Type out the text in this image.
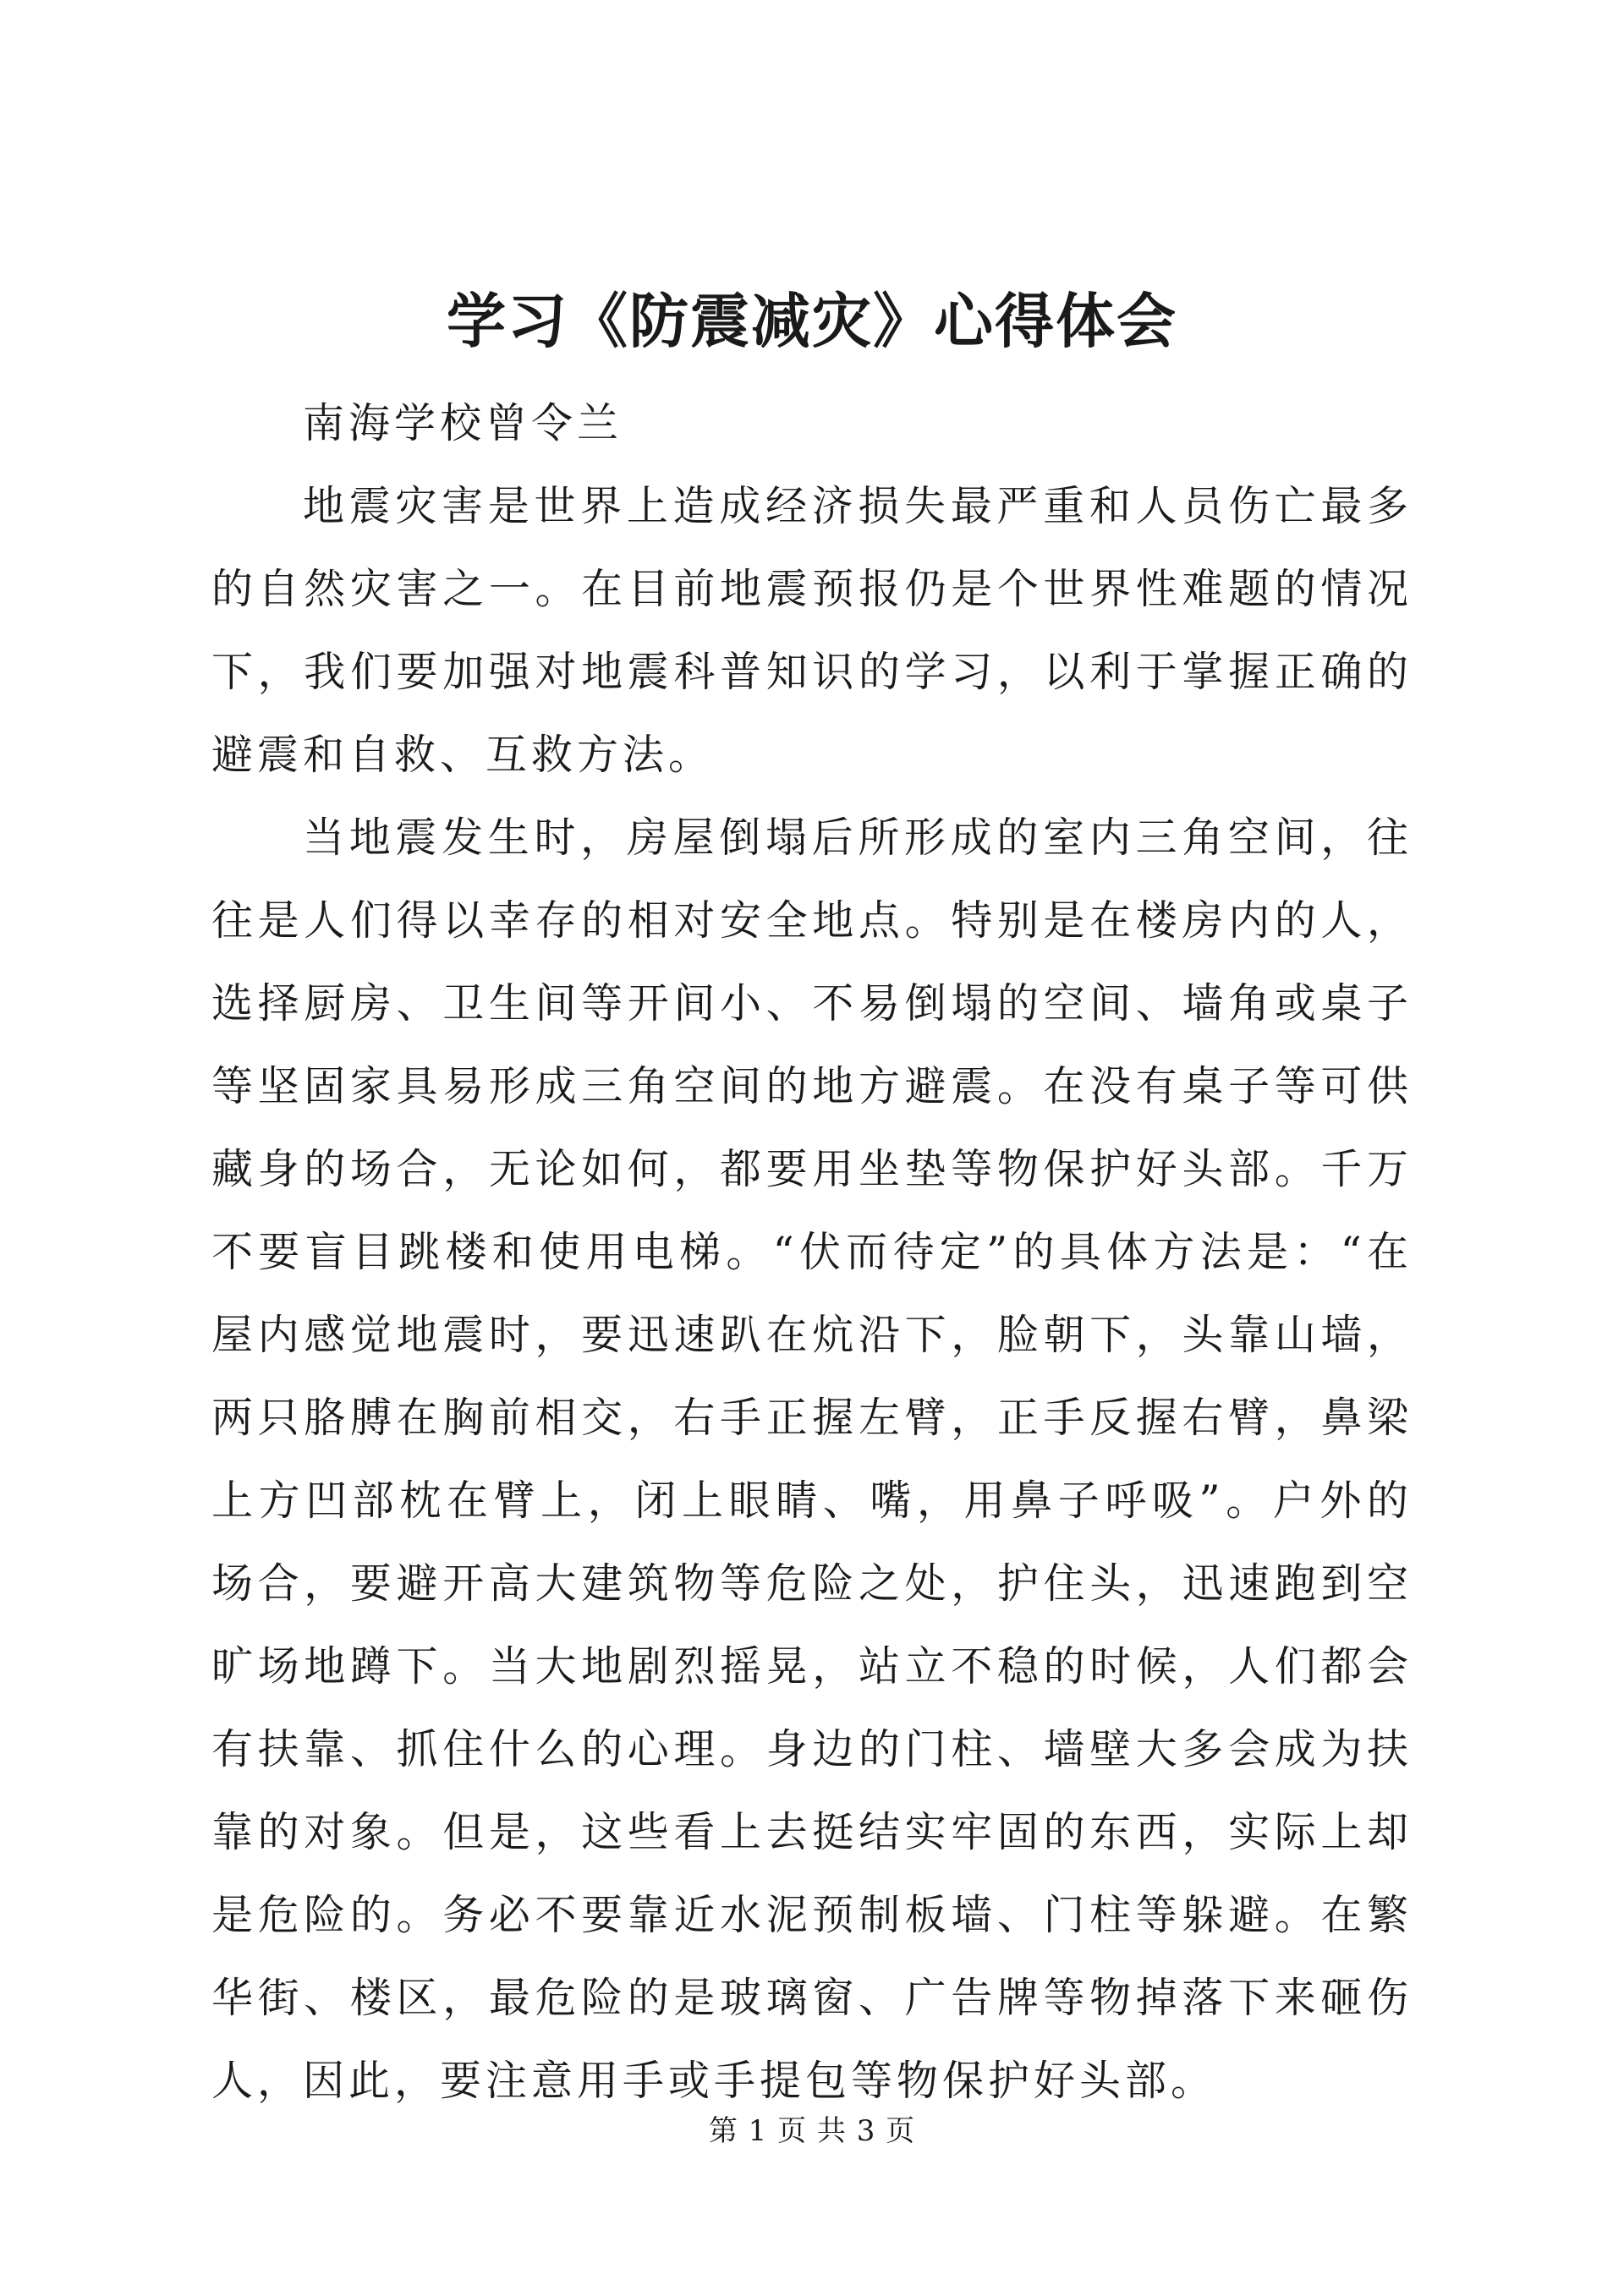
学习《防震减灾》心得体会

南海学校曾令兰

地震灾害是世界上造成经济损失最严重和人员伤亡最多的自然灾害之一。在目前地震预报仍是个世界性难题的情况下，我们要加强对地震科普知识的学习，以利于掌握正确的避震和自救、互救方法。

当地震发生时，房屋倒塌后所形成的室内三角空间，往往是人们得以幸存的相对安全地点。特别是在楼房内的人，选择厨房、卫生间等开间小、不易倒塌的空间、墙角或桌子等坚固家具易形成三角空间的地方避震。在没有桌子等可供藏身的场合，无论如何，都要用坐垫等物保护好头部。千万不要盲目跳楼和使用电梯。“伏而待定”的具体方法是：“在屋内感觉地震时，要迅速趴在炕沿下，脸朝下，头靠山墙，两只胳膊在胸前相交，右手正握左臂，正手反握右臂，鼻梁上方凹部枕在臂上，闭上眼睛、嘴，用鼻子呼吸”。户外的场合，要避开高大建筑物等危险之处，护住头，迅速跑到空旷场地蹲下。当大地剧烈摇晃，站立不稳的时候，人们都会有扶靠、抓住什么的心理。身边的门柱、墙壁大多会成为扶靠的对象。但是，这些看上去挺结实牢固的东西，实际上却是危险的。务必不要靠近水泥预制板墙、门柱等躲避。在繁华街、楼区，最危险的是玻璃窗、广告牌等物掉落下来砸伤人，因此，要注意用手或手提包等物保护好头部。

第 1 页 共 3 页
